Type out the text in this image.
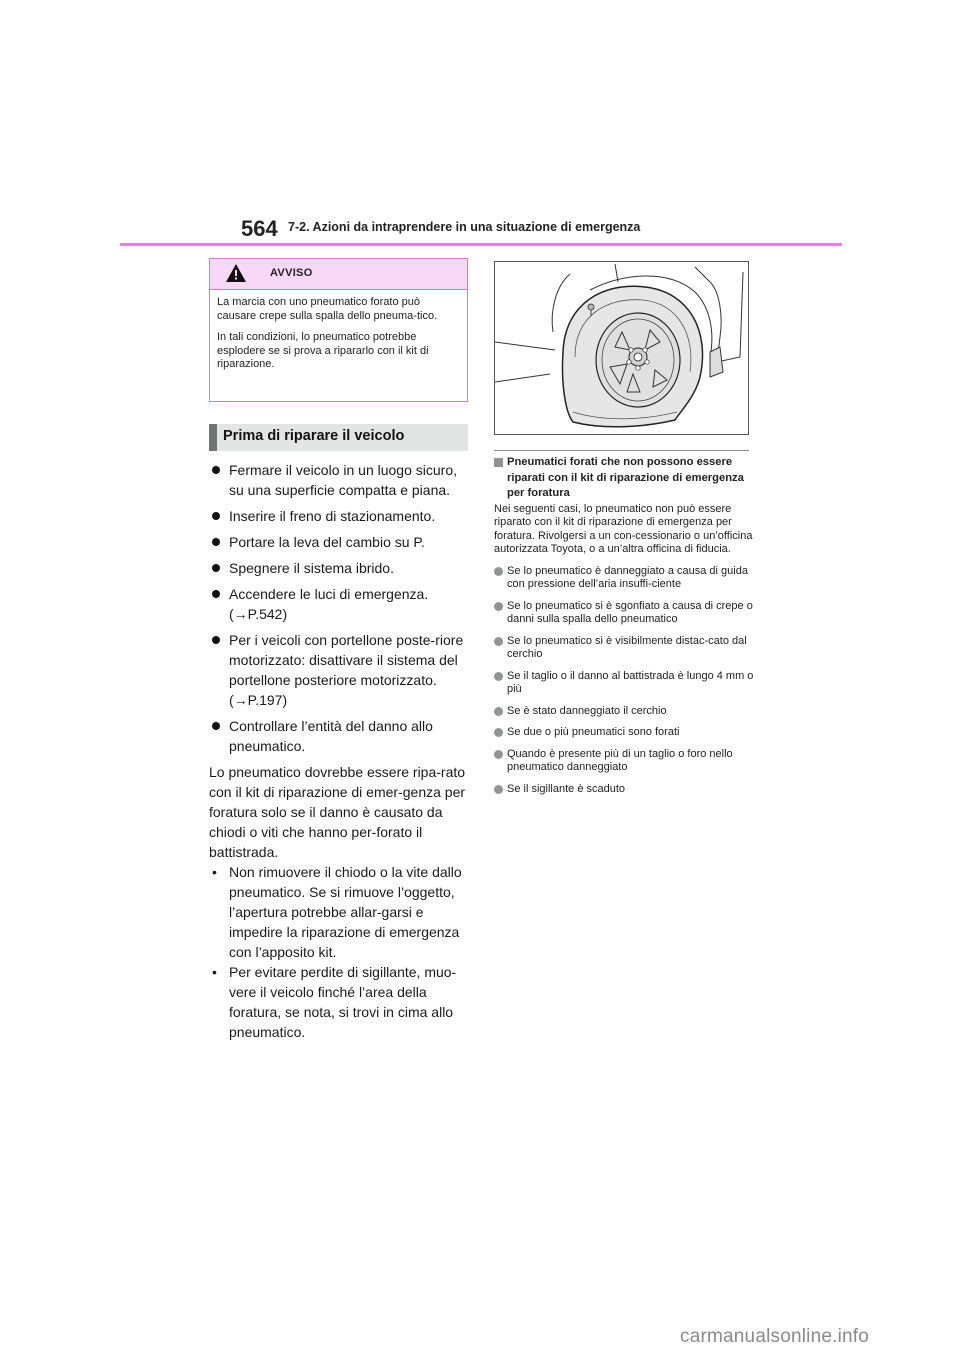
564 7-2. Azioni da intraprendere in una situazione di emergenza
AVVISO

La marcia con uno pneumatico forato può causare crepe sulla spalla dello pneuma-tico.

In tali condizioni, lo pneumatico potrebbe esplodere se si prova a ripararlo con il kit di riparazione.

Prima di riparare il veicolo
Fermare il veicolo in un luogo sicuro, su una superficie compatta e piana.
Inserire il freno di stazionamento.
Portare la leva del cambio su P.
Spegnere il sistema ibrido.
Accendere le luci di emergenza. (→P.542)
Per i veicoli con portellone poste-riore motorizzato: disattivare il sistema del portellone posteriore motorizzato. (→P.197)
Controllare l’entità del danno allo pneumatico.
Lo pneumatico dovrebbe essere ripa-rato con il kit di riparazione di emer-genza per foratura solo se il danno è causato da chiodi o viti che hanno per-forato il battistrada.
• Non rimuovere il chiodo o la vite dallo pneumatico. Se si rimuove l’oggetto, l’apertura potrebbe allar-garsi e impedire la riparazione di emergenza con l’apposito kit.
• Per evitare perdite di sigillante, muo-vere il veicolo finché l’area della foratura, se nota, si trovi in cima allo pneumatico.
Pneumatici forati che non possono essere riparati con il kit di riparazione di emergenza per foratura

Nei seguenti casi, lo pneumatico non può essere riparato con il kit di riparazione di emergenza per foratura. Rivolgersi a un con-cessionario o un’officina autorizzata Toyota, o a un’altra officina di fiducia.

Se lo pneumatico è danneggiato a causa di guida con pressione dell’aria insuffi-ciente
Se lo pneumatico si è sgonfiato a causa di crepe o danni sulla spalla dello pneumatico
Se lo pneumatico si è visibilmente distac-cato dal cerchio
Se il taglio o il danno al battistrada è lungo 4 mm o più
Se è stato danneggiato il cerchio
Se due o più pneumatici sono forati
Quando è presente più di un taglio o foro nello pneumatico danneggiato
Se il sigillante è scaduto
carmanualsonline.info
